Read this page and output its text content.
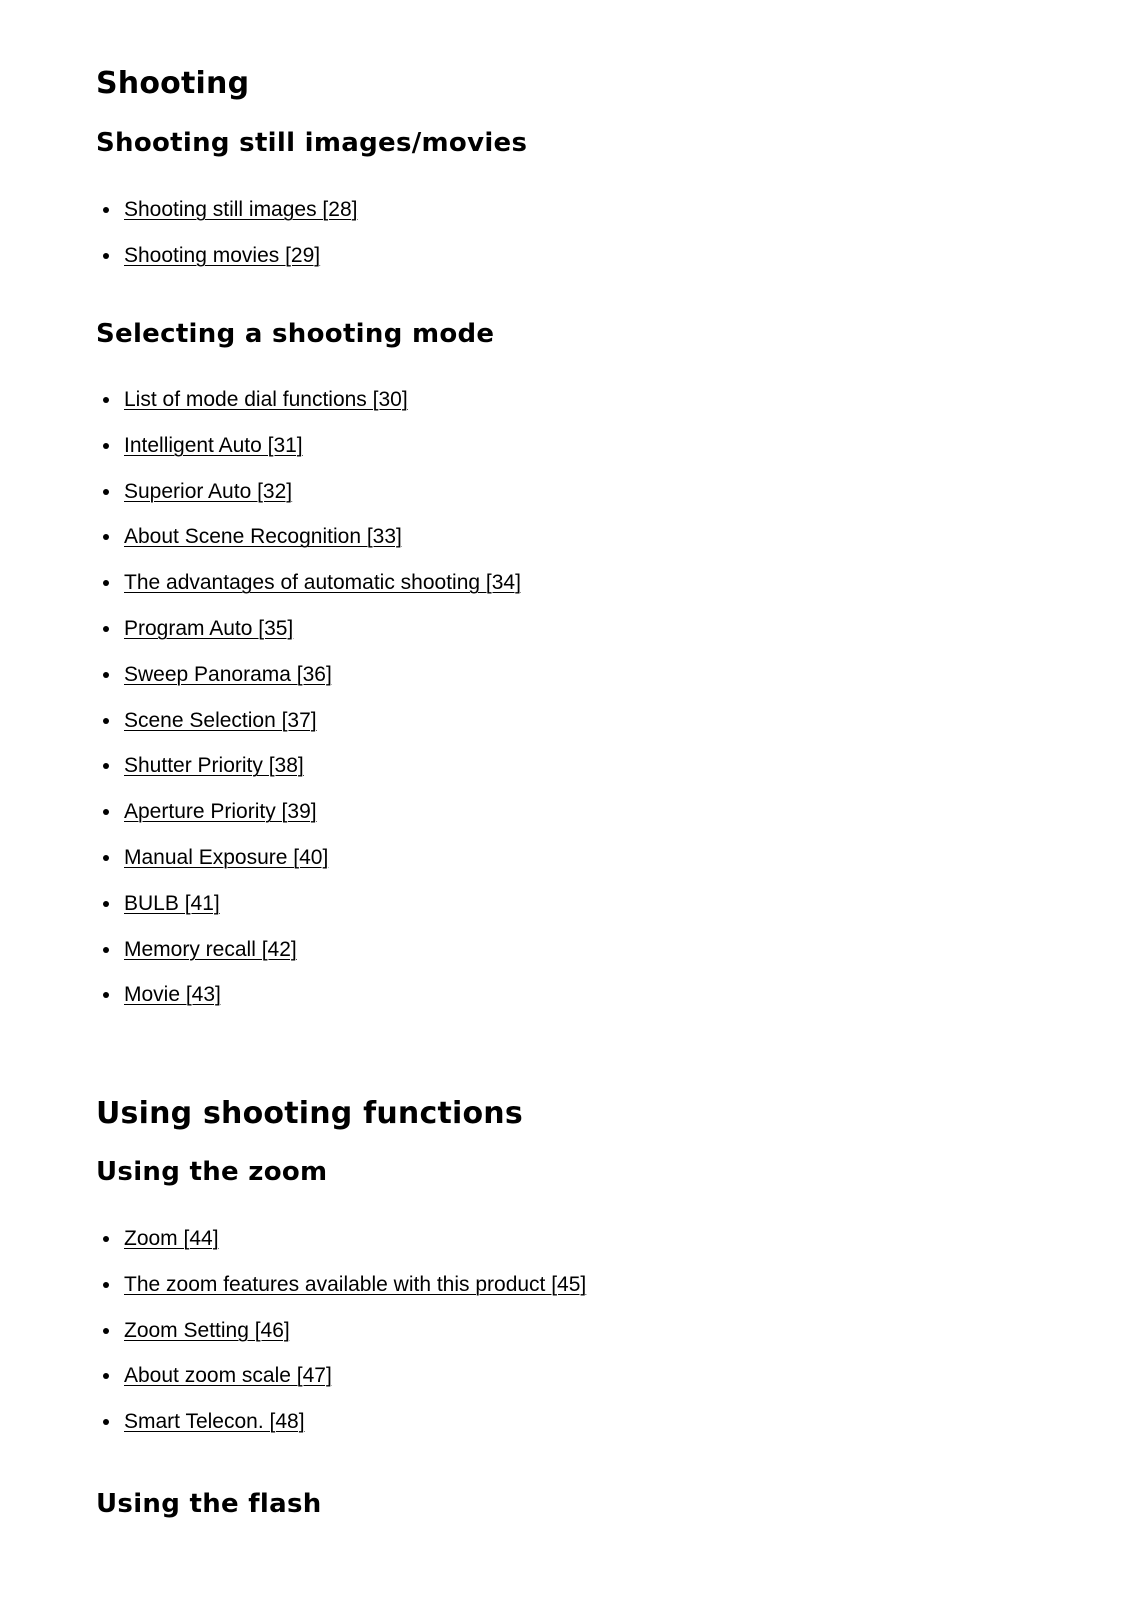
Shooting
Shooting still images/movies
Shooting still images [28]
Shooting movies [29]
Selecting a shooting mode
List of mode dial functions [30]
Intelligent Auto [31]
Superior Auto [32]
About Scene Recognition [33]
The advantages of automatic shooting [34]
Program Auto [35]
Sweep Panorama [36]
Scene Selection [37]
Shutter Priority [38]
Aperture Priority [39]
Manual Exposure [40]
BULB [41]
Memory recall [42]
Movie [43]
Using shooting functions
Using the zoom
Zoom [44]
The zoom features available with this product [45]
Zoom Setting [46]
About zoom scale [47]
Smart Telecon. [48]
Using the flash
